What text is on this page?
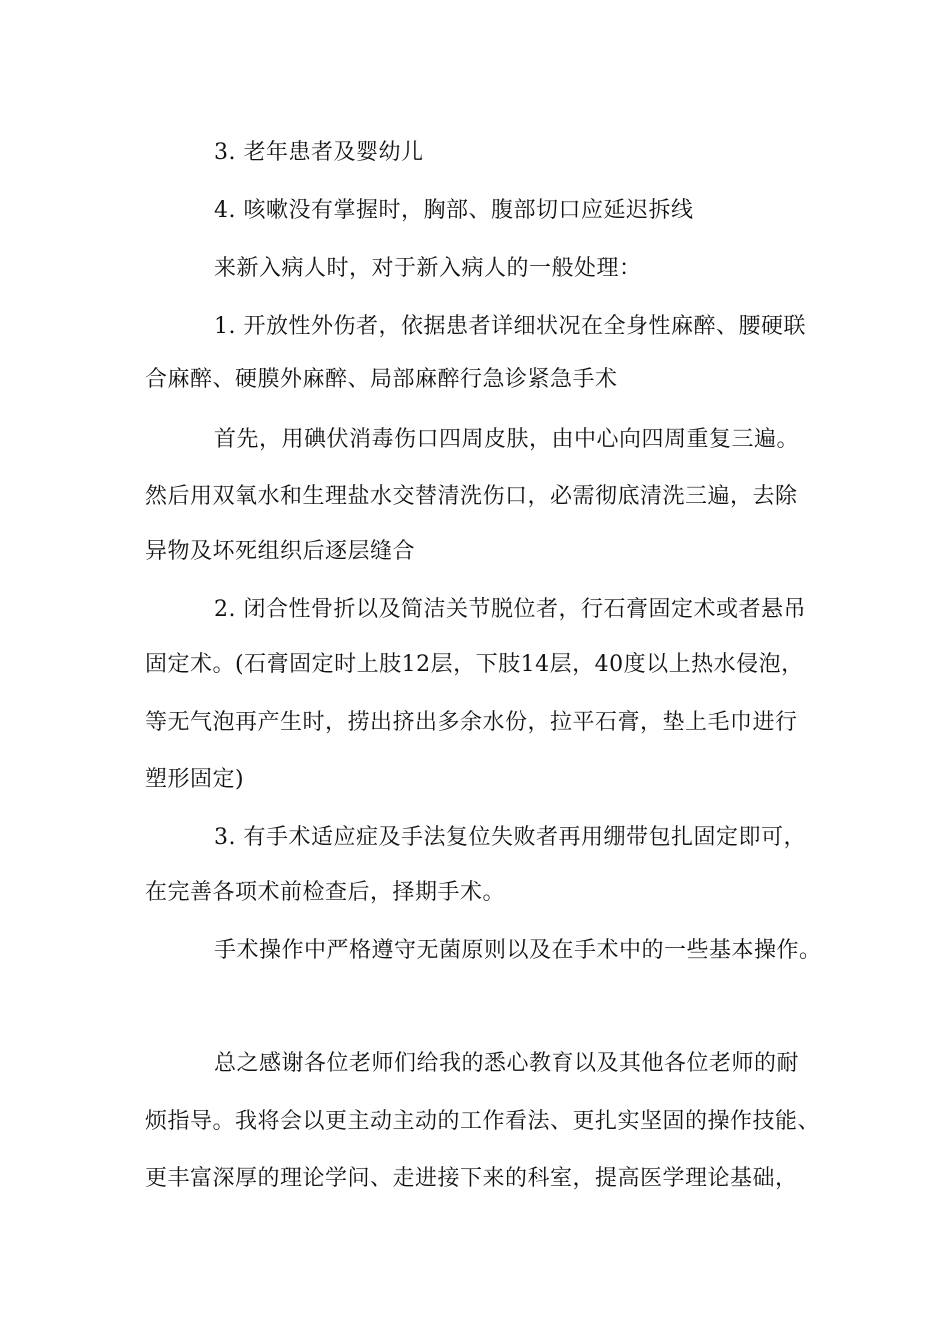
3. 老年患者及婴幼儿
4. 咳嗽没有掌握时，胸部、腹部切口应延迟拆线
来新入病人时，对于新入病人的一般处理：
1. 开放性外伤者，依据患者详细状况在全身性麻醉、腰硬联
合麻醉、硬膜外麻醉、局部麻醉行急诊紧急手术
首先，用碘伏消毒伤口四周皮肤，由中心向四周重复三遍。
然后用双氧水和生理盐水交替清洗伤口，必需彻底清洗三遍，去除
异物及坏死组织后逐层缝合
2. 闭合性骨折以及简洁关节脱位者，行石膏固定术或者悬吊
固定术。(石膏固定时上肢12层，下肢14层，40度以上热水侵泡，
等无气泡再产生时，捞出挤出多余水份，拉平石膏，垫上毛巾进行
塑形固定)
3. 有手术适应症及手法复位失败者再用绷带包扎固定即可，
在完善各项术前检查后，择期手术。
手术操作中严格遵守无菌原则以及在手术中的一些基本操作。
总之感谢各位老师们给我的悉心教育以及其他各位老师的耐
烦指导。我将会以更主动主动的工作看法、更扎实坚固的操作技能、
更丰富深厚的理论学问、走进接下来的科室，提高医学理论基础，
